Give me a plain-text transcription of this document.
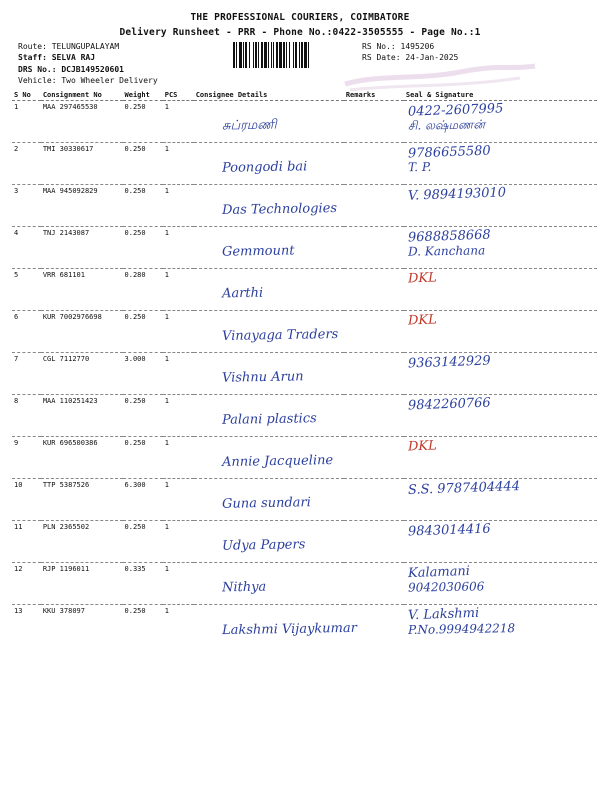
THE PROFESSIONAL COURIERS, COIMBATORE
Delivery Runsheet - PRR - Phone No.:0422-3505555 - Page No.:1
Route: TELUNGUPALAYAM
Staff: SELVA RAJ
DRS No.: DCJB149520601
Vehicle: Two Wheeler Delivery
RS No.: 1495206
RS Date: 24-Jan-2025
S No	Consignment No	Weight	PCS	Consignee Details	Remarks	Seal & Signature
1	MAA 297465530	0.250	1	சுப்ரமணி		0422-2607995
சி. லஷ்மணன்

2	TMI 30330617	0.250	1	Poongodi bai		9786655580
T. P.

3	MAA 945092829	0.250	1	Das Technologies		V. 9894193010

4	TNJ 2143087	0.250	1	Gemmount		9688858668
D. Kanchana

5	VRR 681101	0.280	1	Aarthi		DKL

6	KUR 7002976698	0.250	1	Vinayaga Traders		DKL

7	CGL 7112770	3.000	1	Vishnu Arun		9363142929

8	MAA 110251423	0.250	1	Palani plastics		9842260766

9	KUR 696500386	0.250	1	Annie Jacqueline		DKL

10	TTP 5387526	6.300	1	Guna sundari		S.S. 9787404444

11	PLN 2365502	0.250	1	Udya Papers		9843014416

12	RJP 1196011	0.335	1	Nithya		Kalamani
9042030606

13	KKU 378097	0.250	1	Lakshmi Vijaykumar		V. Lakshmi
P.No.9994942218
